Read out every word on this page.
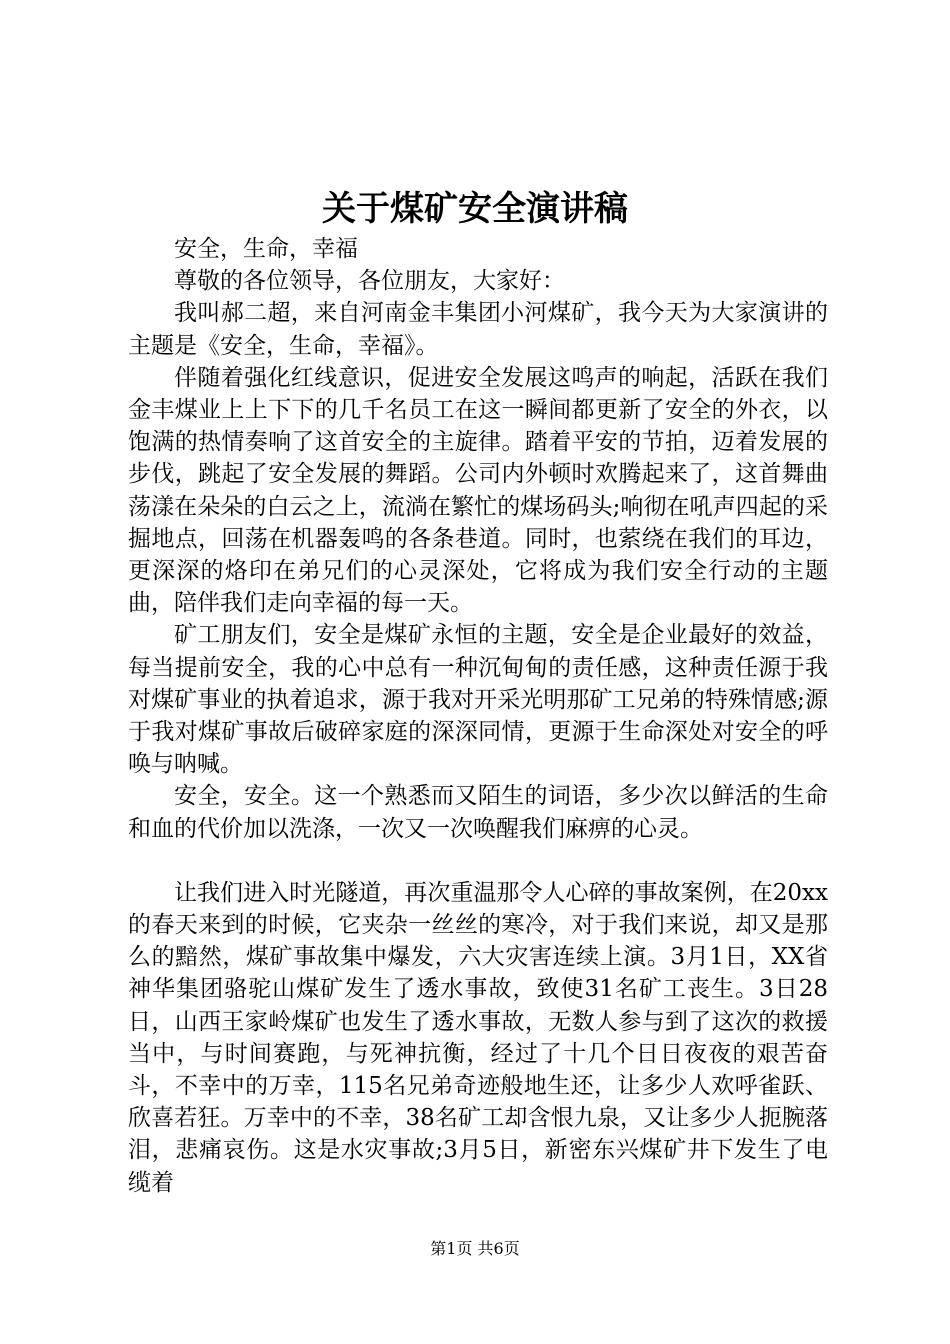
关于煤矿安全演讲稿

安全，生命，幸福

尊敬的各位领导，各位朋友，大家好：

我叫郝二超，来自河南金丰集团小河煤矿，我今天为大家演讲的主题是《安全，生命，幸福》。

伴随着强化红线意识，促进安全发展这鸣声的响起，活跃在我们金丰煤业上上下下的几千名员工在这一瞬间都更新了安全的外衣，以饱满的热情奏响了这首安全的主旋律。踏着平安的节拍，迈着发展的步伐，跳起了安全发展的舞蹈。公司内外顿时欢腾起来了，这首舞曲荡漾在朵朵的白云之上，流淌在繁忙的煤场码头;响彻在吼声四起的采掘地点，回荡在机器轰鸣的各条巷道。同时，也萦绕在我们的耳边，更深深的烙印在弟兄们的心灵深处，它将成为我们安全行动的主题曲，陪伴我们走向幸福的每一天。

矿工朋友们，安全是煤矿永恒的主题，安全是企业最好的效益，每当提前安全，我的心中总有一种沉甸甸的责任感，这种责任源于我对煤矿事业的执着追求，源于我对开采光明那矿工兄弟的特殊情感;源于我对煤矿事故后破碎家庭的深深同情，更源于生命深处对安全的呼唤与呐喊。

安全，安全。这一个熟悉而又陌生的词语，多少次以鲜活的生命和血的代价加以洗涤，一次又一次唤醒我们麻痹的心灵。

让我们进入时光隧道，再次重温那令人心碎的事故案例，在20xx的春天来到的时候，它夹杂一丝丝的寒冷，对于我们来说，却又是那么的黯然，煤矿事故集中爆发，六大灾害连续上演。3月1日，XX省神华集团骆驼山煤矿发生了透水事故，致使31名矿工丧生。3日28日，山西王家岭煤矿也发生了透水事故，无数人参与到了这次的救援当中，与时间赛跑，与死神抗衡，经过了十几个日日夜夜的艰苦奋斗，不幸中的万幸，115名兄弟奇迹般地生还，让多少人欢呼雀跃、欣喜若狂。万幸中的不幸，38名矿工却含恨九泉，又让多少人扼腕落泪，悲痛哀伤。这是水灾事故;3月5日，新密东兴煤矿井下发生了电缆着

第1页 共6页
